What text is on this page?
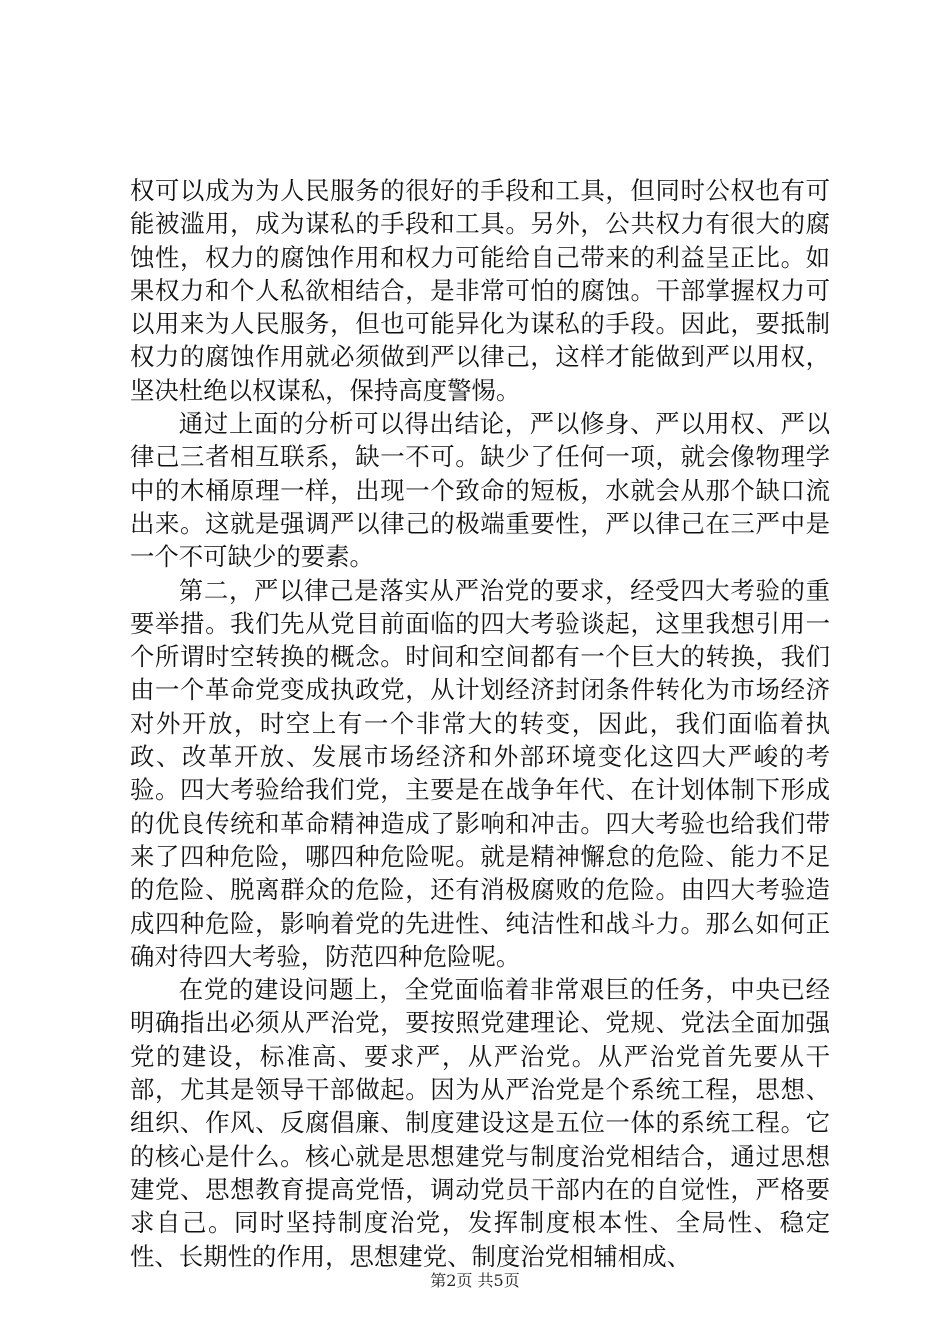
权可以成为为人民服务的很好的手段和工具，但同时公权也有可能被滥用，成为谋私的手段和工具。另外，公共权力有很大的腐蚀性，权力的腐蚀作用和权力可能给自己带来的利益呈正比。如果权力和个人私欲相结合，是非常可怕的腐蚀。干部掌握权力可以用来为人民服务，但也可能异化为谋私的手段。因此，要抵制权力的腐蚀作用就必须做到严以律己，这样才能做到严以用权，坚决杜绝以权谋私，保持高度警惕。

通过上面的分析可以得出结论，严以修身、严以用权、严以律己三者相互联系，缺一不可。缺少了任何一项，就会像物理学中的木桶原理一样，出现一个致命的短板，水就会从那个缺口流出来。这就是强调严以律己的极端重要性，严以律己在三严中是一个不可缺少的要素。

第二，严以律己是落实从严治党的要求，经受四大考验的重要举措。我们先从党目前面临的四大考验谈起，这里我想引用一个所谓时空转换的概念。时间和空间都有一个巨大的转换，我们由一个革命党变成执政党，从计划经济封闭条件转化为市场经济对外开放，时空上有一个非常大的转变，因此，我们面临着执政、改革开放、发展市场经济和外部环境变化这四大严峻的考验。四大考验给我们党，主要是在战争年代、在计划体制下形成的优良传统和革命精神造成了影响和冲击。四大考验也给我们带来了四种危险，哪四种危险呢。就是精神懈怠的危险、能力不足的危险、脱离群众的危险，还有消极腐败的危险。由四大考验造成四种危险，影响着党的先进性、纯洁性和战斗力。那么如何正确对待四大考验，防范四种危险呢。

在党的建设问题上，全党面临着非常艰巨的任务，中央已经明确指出必须从严治党，要按照党建理论、党规、党法全面加强党的建设，标准高、要求严，从严治党。从严治党首先要从干部，尤其是领导干部做起。因为从严治党是个系统工程，思想、组织、作风、反腐倡廉、制度建设这是五位一体的系统工程。它的核心是什么。核心就是思想建党与制度治党相结合，通过思想建党、思想教育提高党悟，调动党员干部内在的自觉性，严格要求自己。同时坚持制度治党，发挥制度根本性、全局性、稳定性、长期性的作用，思想建党、制度治党相辅相成、

第2页 共5页
